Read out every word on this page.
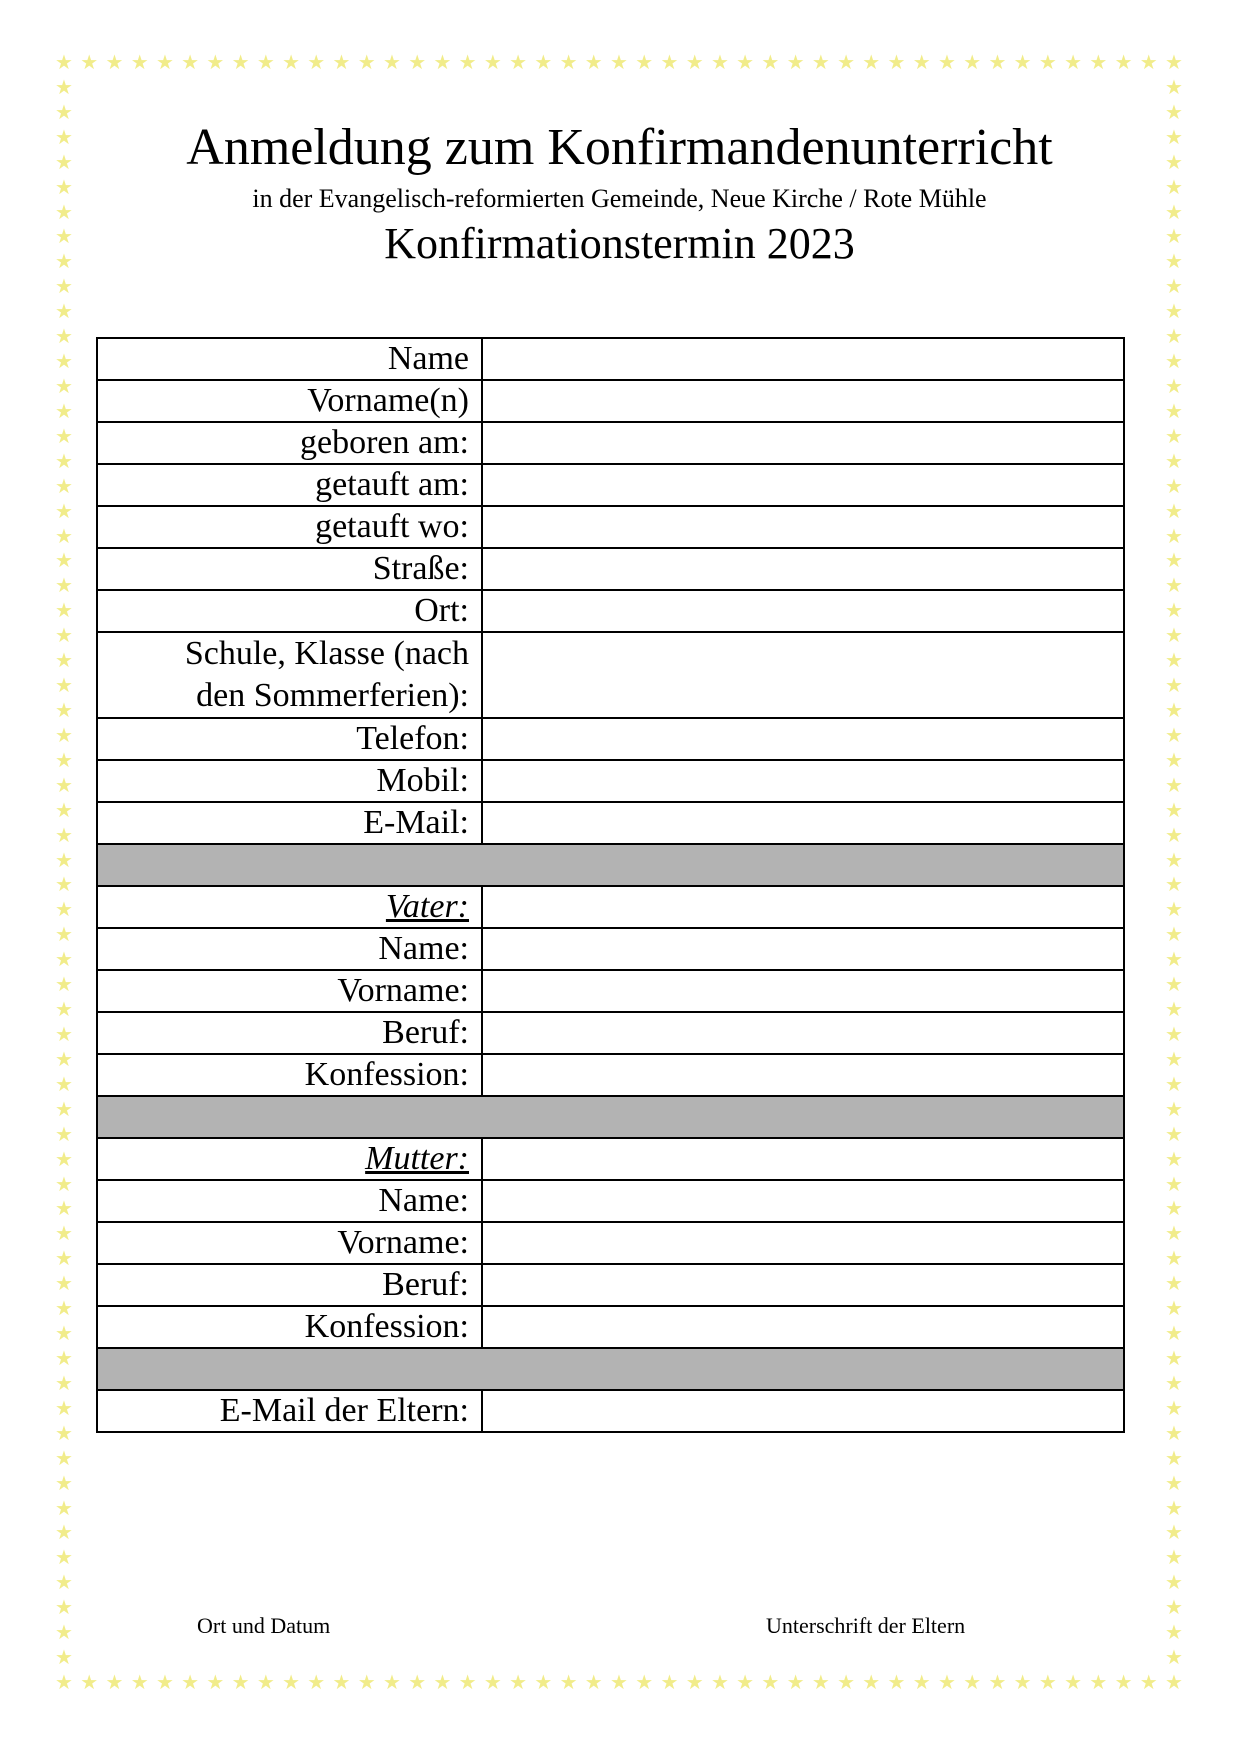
★
★
★
★
★
★
★
★
★
★
★
★
★
★
★
★
★
★
★
★
★
★
★
★
★
★
★
★
★
★
★
★
★
★
★
★
★
★
★
★
★
★
★
★
★
★
★
★
★
★
★
★
★
★
★
★
★
★
★
★
★
★
★
★
★
★
★
★
★
★
★
★
★
★
★
★
★
★
★
★
★
★
★
★
★
★
★
★
★
★
★	★
★	★
★	★
★	★
★	★
★	★
★	★
★	★
★	★
★	★
★	★
★	★
★	★
★	★
★	★
★	★
★	★
★	★
★	★
★	★
★	★
★	★
★	★
★	★
★	★
★	★
★	★
★	★
★	★
★	★
★	★
★	★
★	★
★	★
★	★
★	★
★	★
★	★
★	★
★	★
★	★
★	★
★	★
★	★
★	★
★	★
★	★
★	★
★	★
★	★
★	★
★	★
★	★
★	★
★	★
★	★
★	★
★	★
★	★
★	★
★	★
★	★
★	★
★	★
Anmeldung zum Konfirmandenunterricht
in der Evangelisch-reformierten Gemeinde, Neue Kirche / Rote Mühle
Konfirmationstermin 2023
Name	
Vorname(n)	
geboren am:	
getauft am:	
getauft wo:	
Straße:	
Ort:	
Schule, Klasse (nach
den Sommerferien):	
Telefon:	
Mobil:	
E-Mail:	

Vater:	
Name:	
Vorname:	
Beruf:	
Konfession:	

Mutter:	
Name:	
Vorname:	
Beruf:	
Konfession:	

E-Mail der Eltern:	
Ort und Datum	Unterschrift der Eltern
